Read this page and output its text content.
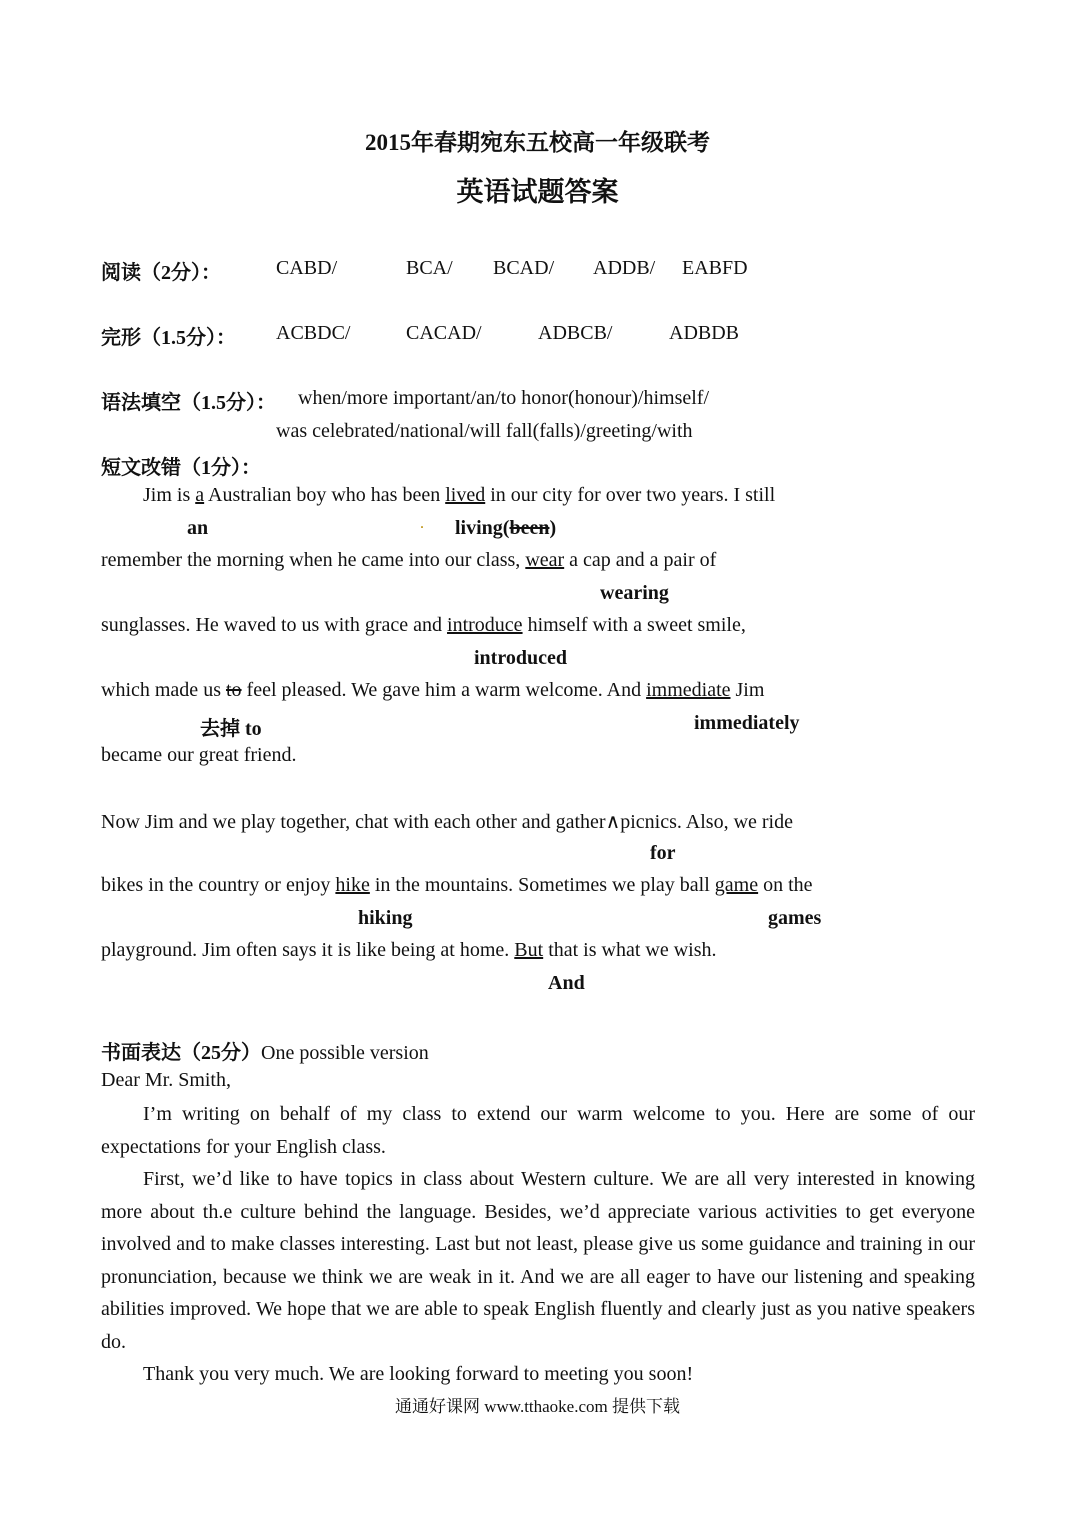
2015年春期宛东五校高一年级联考
英语试题答案
阅读（2分）：	CABD/	BCA/ BCAD/ ADDB/ EABFD
完形（1.5分）： ACBDC/	CACAD/	ADBCB/	ADBDB
语法填空（1.5分）： when/more important/an/to honor(honour)/himself/
was celebrated/national/will fall(falls)/greeting/with
短文改错（1分）：
Jim is a Australian boy who has been lived in our city for over two years. I still
an	. living(been)
remember the morning when he came into our class, wear a cap and a pair of
wearing
sunglasses. He waved to us with grace and introduce himself with a sweet smile,
introduced
which made us to feel pleased. We gave him a warm welcome. And immediate Jim
去掉 to	immediately
became our great friend.
Now Jim and we play together, chat with each other and gather∧picnics. Also, we ride
for
bikes in the country or enjoy hike in the mountains. Sometimes we play ball game on the
hiking	games
playground. Jim often says it is like being at home. But that is what we wish.
And
书面表达（25分）One possible version
Dear Mr. Smith,
I’m writing on behalf of my class to extend our warm welcome to you. Here are some of our expectations for your English class.
First, we’d like to have topics in class about Western culture. We are all very interested in knowing more about th.e culture behind the language. Besides, we’d appreciate various activities to get everyone involved and to make classes interesting. Last but not least, please give us some guidance and training in our pronunciation, because we think we are weak in it. And we are all eager to have our listening and speaking abilities improved. We hope that we are able to speak English fluently and clearly just as you native speakers do.
Thank you very much. We are looking forward to meeting you soon!
通通好课网 www.tthaoke.com 提供下载
